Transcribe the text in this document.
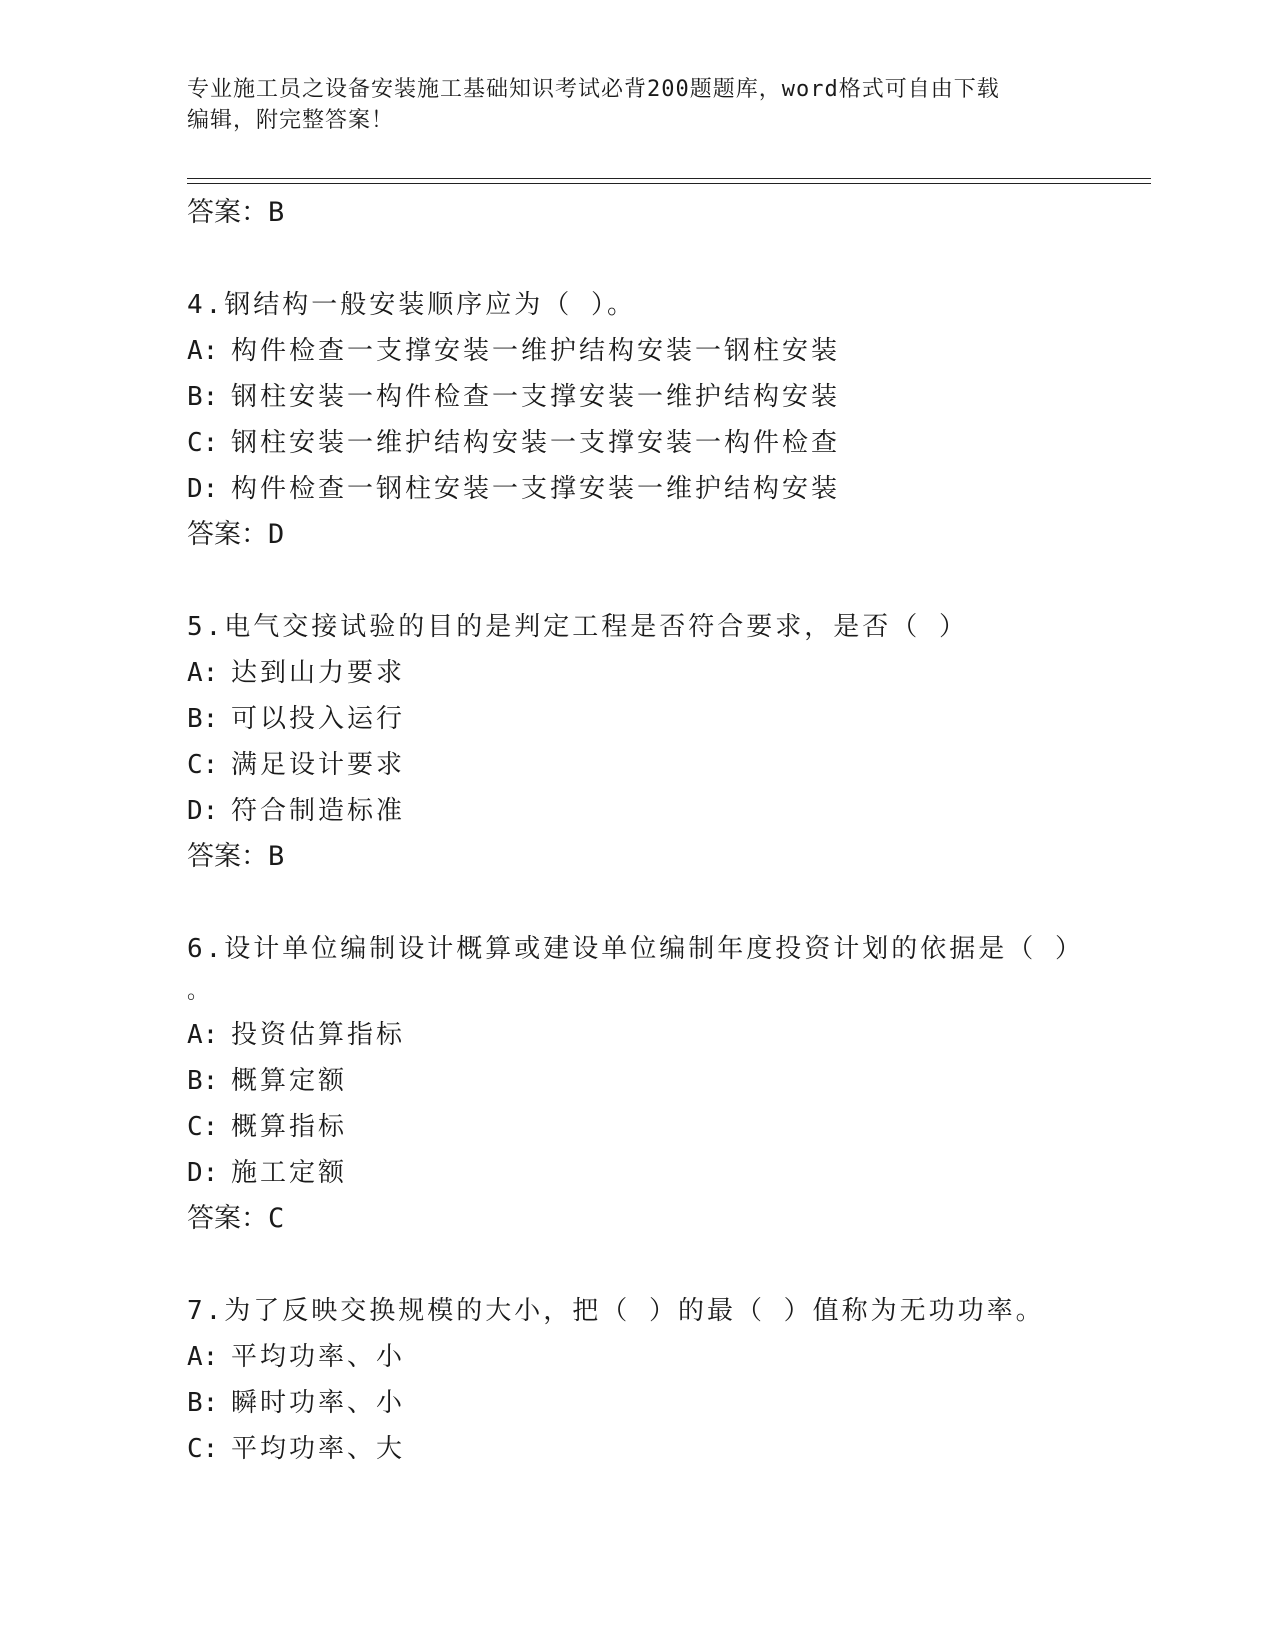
专业施工员之设备安装施工基础知识考试必背200题题库，word格式可自由下载
编辑，附完整答案！
答案：B
4.钢结构一般安装顺序应为（ ）。
A: 构件检查一支撑安装一维护结构安装一钢柱安装
B: 钢柱安装一构件检查一支撑安装一维护结构安装
C: 钢柱安装一维护结构安装一支撑安装一构件检查
D: 构件检查一钢柱安装一支撑安装一维护结构安装
答案：D
5.电气交接试验的目的是判定工程是否符合要求，是否（ ）
A: 达到山力要求
B: 可以投入运行
C: 满足设计要求
D: 符合制造标准
答案：B
6.设计单位编制设计概算或建设单位编制年度投资计划的依据是（ ）
。
A: 投资估算指标
B: 概算定额
C: 概算指标
D: 施工定额
答案：C
7.为了反映交换规模的大小，把（ ）的最（ ）值称为无功功率。
A: 平均功率、小
B: 瞬时功率、小
C: 平均功率、大
